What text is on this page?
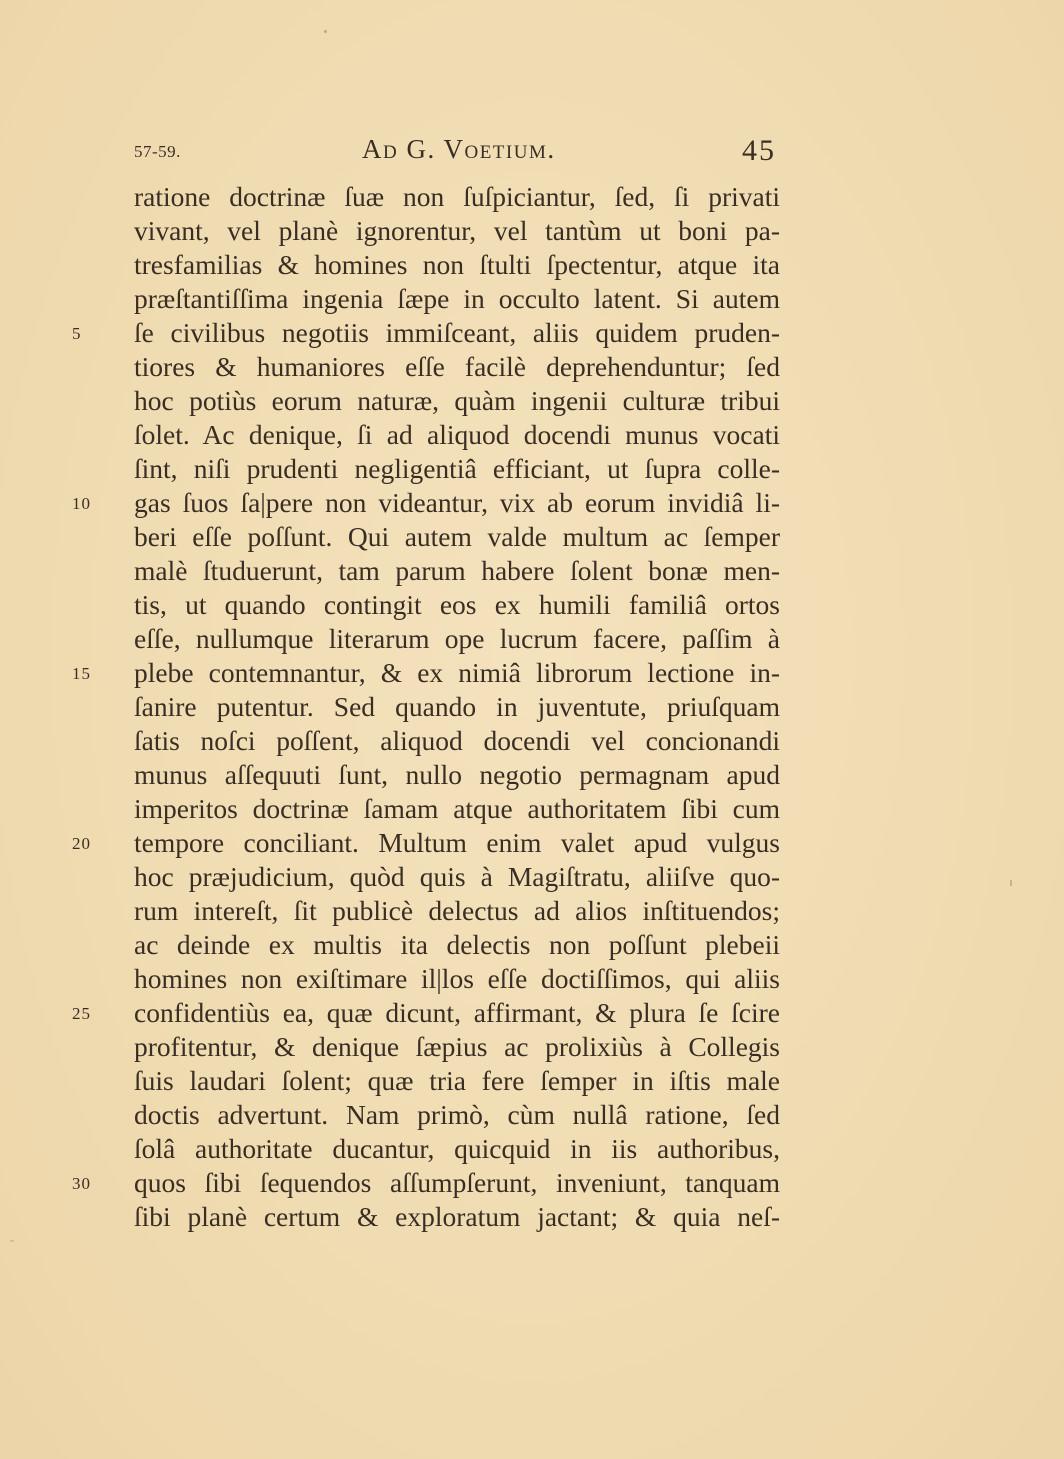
57-59.	Ad G. Voetium.	45
ratione doctrinæ ſuæ non ſuſpiciantur, ſed, ſi privati
vivant, vel planè ignorentur, vel tantùm ut boni pa-
tresfamilias & homines non ſtulti ſpectentur, atque ita
præſtantiſſima ingenia ſæpe in occulto latent. Si autem
5	ſe civilibus negotiis immiſceant, aliis quidem pruden-
tiores & humaniores eſſe facilè deprehenduntur; ſed
hoc potiùs eorum naturæ, quàm ingenii culturæ tribui
ſolet. Ac denique, ſi ad aliquod docendi munus vocati
ſint, niſi prudenti negligentiâ efficiant, ut ſupra colle-
10	gas ſuos ſa|pere non videantur, vix ab eorum invidiâ li-
beri eſſe poſſunt. Qui autem valde multum ac ſemper
malè ſtuduerunt, tam parum habere ſolent bonæ men-
tis, ut quando contingit eos ex humili familiâ ortos
eſſe, nullumque literarum ope lucrum facere, paſſim à
15	plebe contemnantur, & ex nimiâ librorum lectione in-
ſanire putentur. Sed quando in juventute, priuſquam
ſatis noſci poſſent, aliquod docendi vel concionandi
munus aſſequuti ſunt, nullo negotio permagnam apud
imperitos doctrinæ ſamam atque authoritatem ſibi cum
20	tempore conciliant. Multum enim valet apud vulgus
hoc præjudicium, quòd quis à Magiſtratu, aliiſve quo-
rum intereſt, ſit publicè delectus ad alios inſtituendos;
ac deinde ex multis ita delectis non poſſunt plebeii
homines non exiſtimare il|los eſſe doctiſſimos, qui aliis
25	confidentiùs ea, quæ dicunt, affirmant, & plura ſe ſcire
profitentur, & denique ſæpius ac prolixiùs à Collegis
ſuis laudari ſolent; quæ tria fere ſemper in iſtis male
doctis advertunt. Nam primò, cùm nullâ ratione, ſed
ſolâ authoritate ducantur, quicquid in iis authoribus,
30	quos ſibi ſequendos aſſumpſerunt, inveniunt, tanquam
ſibi planè certum & exploratum jactant; & quia neſ-
